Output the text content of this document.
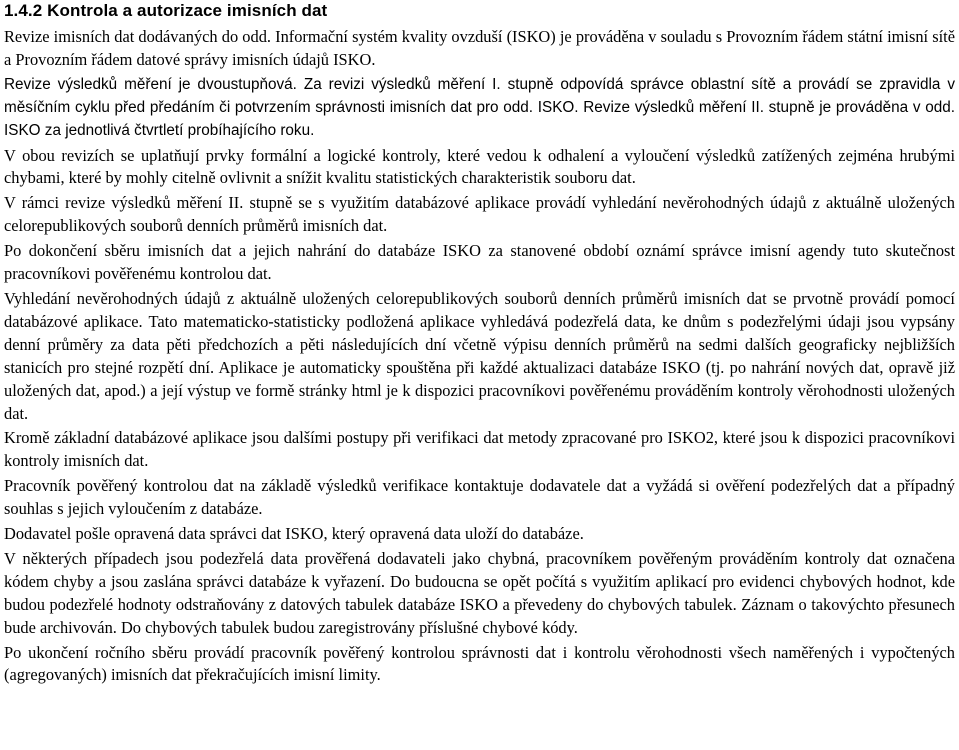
1.4.2 Kontrola a autorizace imisních dat

Revize imisních dat dodávaných do odd. Informační systém kvality ovzduší (ISKO) je prováděna v souladu s Provozním řádem státní imisní sítě a Provozním řádem datové správy imisních údajů ISKO.

Revize výsledků měření je dvoustupňová. Za revizi výsledků měření I. stupně odpovídá správce oblastní sítě a provádí se zpravidla v měsíčním cyklu před předáním či potvrzením správnosti imisních dat pro odd. ISKO. Revize výsledků měření II. stupně je prováděna v odd. ISKO za jednotlivá čtvrtletí probíhajícího roku.

V obou revizích se uplatňují prvky formální a logické kontroly, které vedou k odhalení a vyloučení výsledků zatížených zejména hrubými chybami, které by mohly citelně ovlivnit a snížit kvalitu statistických charakteristik souboru dat.

V rámci revize výsledků měření II. stupně se s využitím databázové aplikace provádí vyhledání nevěrohodných údajů z aktuálně uložených celorepublikových souborů denních průměrů imisních dat.

Po dokončení sběru imisních dat a jejich nahrání do databáze ISKO za stanovené období oznámí správce imisní agendy tuto skutečnost pracovníkovi pověřenému kontrolou dat.

Vyhledání nevěrohodných údajů z aktuálně uložených celorepublikových souborů denních průměrů imisních dat se prvotně provádí pomocí databázové aplikace. Tato matematicko-statisticky podložená aplikace vyhledává podezřelá data, ke dnům s podezřelými údaji jsou vypsány denní průměry za data pěti předchozích a pěti následujících dní včetně výpisu denních průměrů na sedmi dalších geograficky nejbližších stanicích pro stejné rozpětí dní. Aplikace je automaticky spouštěna při každé aktualizaci databáze ISKO (tj. po nahrání nových dat, opravě již uložených dat, apod.) a její výstup ve formě stránky html je k dispozici pracovníkovi pověřenému prováděním kontroly věrohodnosti uložených dat.

Kromě základní databázové aplikace jsou dalšími postupy při verifikaci dat metody zpracované pro ISKO2, které jsou k dispozici pracovníkovi kontroly imisních dat.

Pracovník pověřený kontrolou dat na základě výsledků verifikace kontaktuje dodavatele dat a vyžádá si ověření podezřelých dat a případný souhlas s jejich vyloučením z databáze.

Dodavatel pošle opravená data správci dat ISKO, který opravená data uloží do databáze.

V některých případech jsou podezřelá data prověřená dodavateli jako chybná, pracovníkem pověřeným prováděním kontroly dat označena kódem chyby a jsou zaslána správci databáze k vyřazení. Do budoucna se opět počítá s využitím aplikací pro evidenci chybových hodnot, kde budou podezřelé hodnoty odstraňovány z datových tabulek databáze ISKO a převedeny do chybových tabulek. Záznam o takovýchto přesunech bude archivován. Do chybových tabulek budou zaregistrovány příslušné chybové kódy.

Po ukončení ročního sběru provádí pracovník pověřený kontrolou správnosti dat i kontrolu věrohodnosti všech naměřených i vypočtených (agregovaných) imisních dat překračujících imisní limity.
